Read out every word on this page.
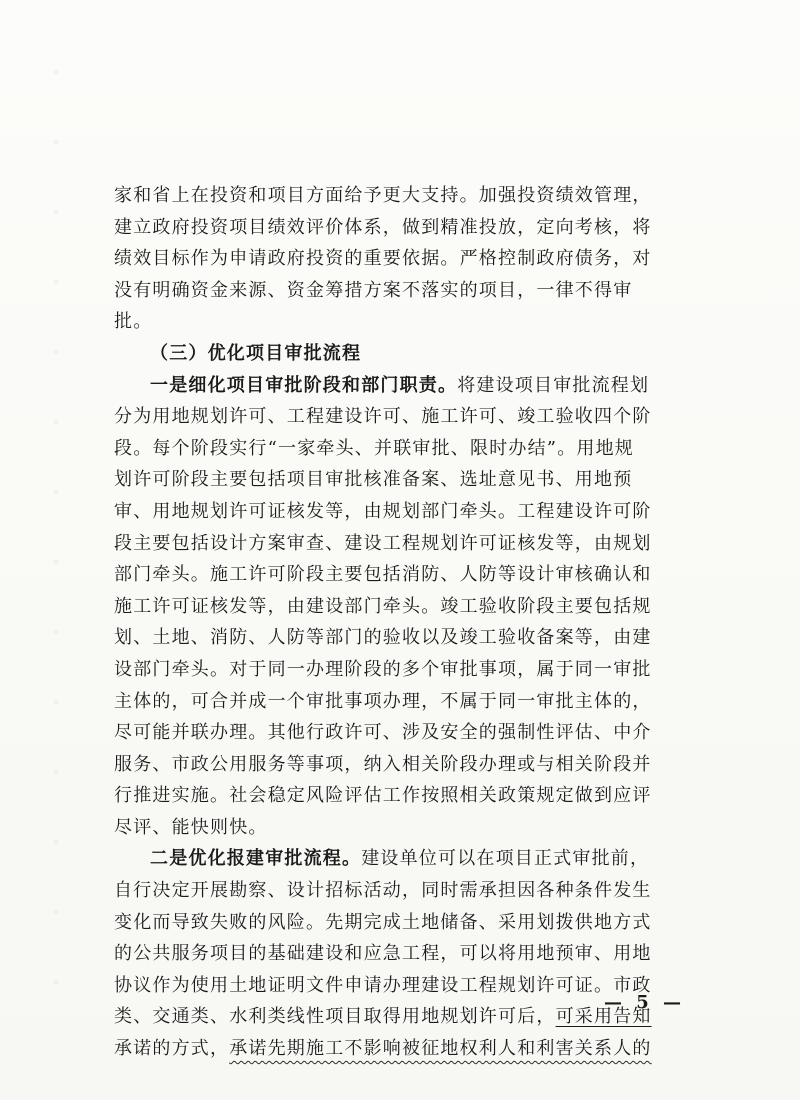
家和省上在投资和项目方面给予更大支持。加强投资绩效管理，
建立政府投资项目绩效评价体系，做到精准投放，定向考核，将
绩效目标作为申请政府投资的重要依据。严格控制政府债务，对
没有明确资金来源、资金筹措方案不落实的项目，一律不得审
批。
（三）优化项目审批流程
一是细化项目审批阶段和部门职责。将建设项目审批流程划
分为用地规划许可、工程建设许可、施工许可、竣工验收四个阶
段。每个阶段实行“一家牵头、并联审批、限时办结”。用地规
划许可阶段主要包括项目审批核准备案、选址意见书、用地预
审、用地规划许可证核发等，由规划部门牵头。工程建设许可阶
段主要包括设计方案审查、建设工程规划许可证核发等，由规划
部门牵头。施工许可阶段主要包括消防、人防等设计审核确认和
施工许可证核发等，由建设部门牵头。竣工验收阶段主要包括规
划、土地、消防、人防等部门的验收以及竣工验收备案等，由建
设部门牵头。对于同一办理阶段的多个审批事项，属于同一审批
主体的，可合并成一个审批事项办理，不属于同一审批主体的，
尽可能并联办理。其他行政许可、涉及安全的强制性评估、中介
服务、市政公用服务等事项，纳入相关阶段办理或与相关阶段并
行推进实施。社会稳定风险评估工作按照相关政策规定做到应评
尽评、能快则快。
二是优化报建审批流程。建设单位可以在项目正式审批前，
自行决定开展勘察、设计招标活动，同时需承担因各种条件发生
变化而导致失败的风险。先期完成土地储备、采用划拨供地方式
的公共服务项目的基础建设和应急工程，可以将用地预审、用地
协议作为使用土地证明文件申请办理建设工程规划许可证。市政
类、交通类、水利类线性项目取得用地规划许可后，可采用告知
承诺的方式，承诺先期施工不影响被征地权利人和利害关系人的
— 5 —
